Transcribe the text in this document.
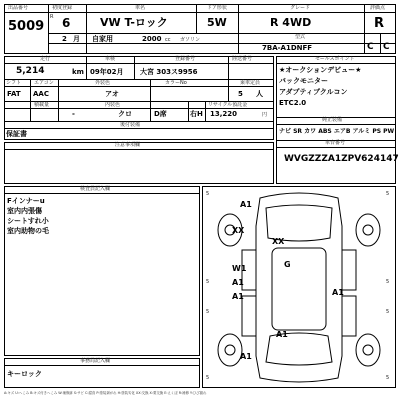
出品番号
5009
初度登録
R 6
2 月
車名
VW T-ロック
ドア形状
5W
グレード
R 4WD
評価点
R
自家用	2000 cc ガソリン	型式
7BA-A1DNFF	C C
走行
5,214	km
車検
09年02月
登録番号
大宮 303ス9956
陸送番号
シフト
FAT
エアコン
AAC
外装色
アオ
カラーNo	乗車定員
5 人
積載量
-
内装色
クロ	D席	右H
リサイクル預託金
13,220	円
後付装備
保証書
注意事項欄
セールスポイント
★オークションデビュー★
バックモニター
アダプティブクルコン
ETC2.0
純正装備
ナビ SR カワ ABS エアB アルミ PS PW
車台番号
WVGZZZA1ZPV624147
検査員記入欄
Fインナーu
室内内張傷
シートすれ小
室内助物の毛
事務局記入欄
キーロック
A1
XX
XX
G
W1
A1
A1	A1
A1
A1
5	5
5	5
5	5
5	5
A:キズ U:へこみ B:キズ付きへこみ W:補修跡 S:サビ C:腐食 P:塗装剥がれ H:塗装劣化 XX:交換 X:要交換 E:えくぼ R:補修 Y:ひび割れ
